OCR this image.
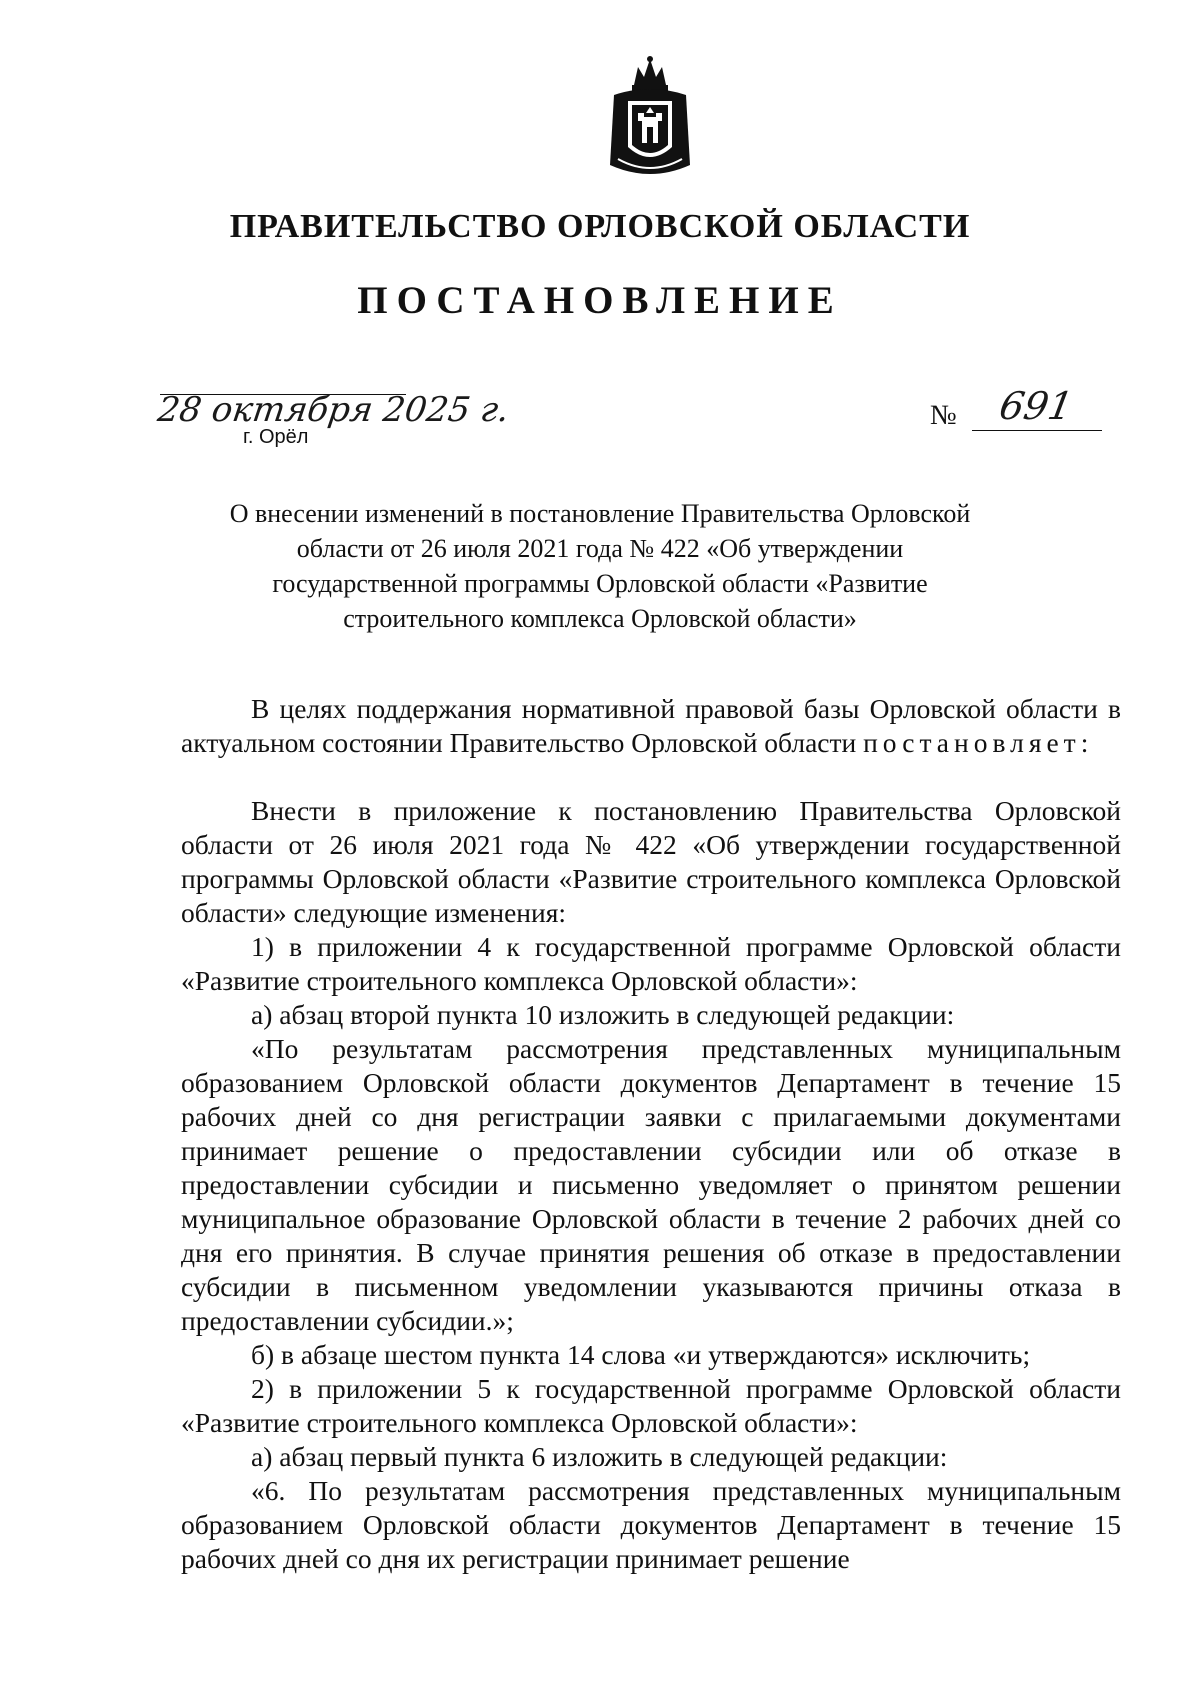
ПРАВИТЕЛЬСТВО ОРЛОВСКОЙ ОБЛАСТИ
ПОСТАНОВЛЕНИЕ
28 октября 2025 г.
г. Орёл
№ 691
О внесении изменений в постановление Правительства Орловской области от 26 июля 2021 года № 422 «Об утверждении государственной программы Орловской области «Развитие строительного комплекса Орловской области»

В целях поддержания нормативной правовой базы Орловской области в актуальном состоянии Правительство Орловской области постановляет:

Внести в приложение к постановлению Правительства Орловской области от 26 июля 2021 года № 422 «Об утверждении государственной программы Орловской области «Развитие строительного комплекса Орловской области» следующие изменения:

1) в приложении 4 к государственной программе Орловской области «Развитие строительного комплекса Орловской области»:

а) абзац второй пункта 10 изложить в следующей редакции:

«По результатам рассмотрения представленных муниципальным образованием Орловской области документов Департамент в течение 15 рабочих дней со дня регистрации заявки с прилагаемыми документами принимает решение о предоставлении субсидии или об отказе в предоставлении субсидии и письменно уведомляет о принятом решении муниципальное образование Орловской области в течение 2 рабочих дней со дня его принятия. В случае принятия решения об отказе в предоставлении субсидии в письменном уведомлении указываются причины отказа в предоставлении субсидии.»;

б) в абзаце шестом пункта 14 слова «и утверждаются» исключить;

2) в приложении 5 к государственной программе Орловской области «Развитие строительного комплекса Орловской области»:

а) абзац первый пункта 6 изложить в следующей редакции:

«6. По результатам рассмотрения представленных муниципальным образованием Орловской области документов Департамент в течение 15 рабочих дней со дня их регистрации принимает решение
